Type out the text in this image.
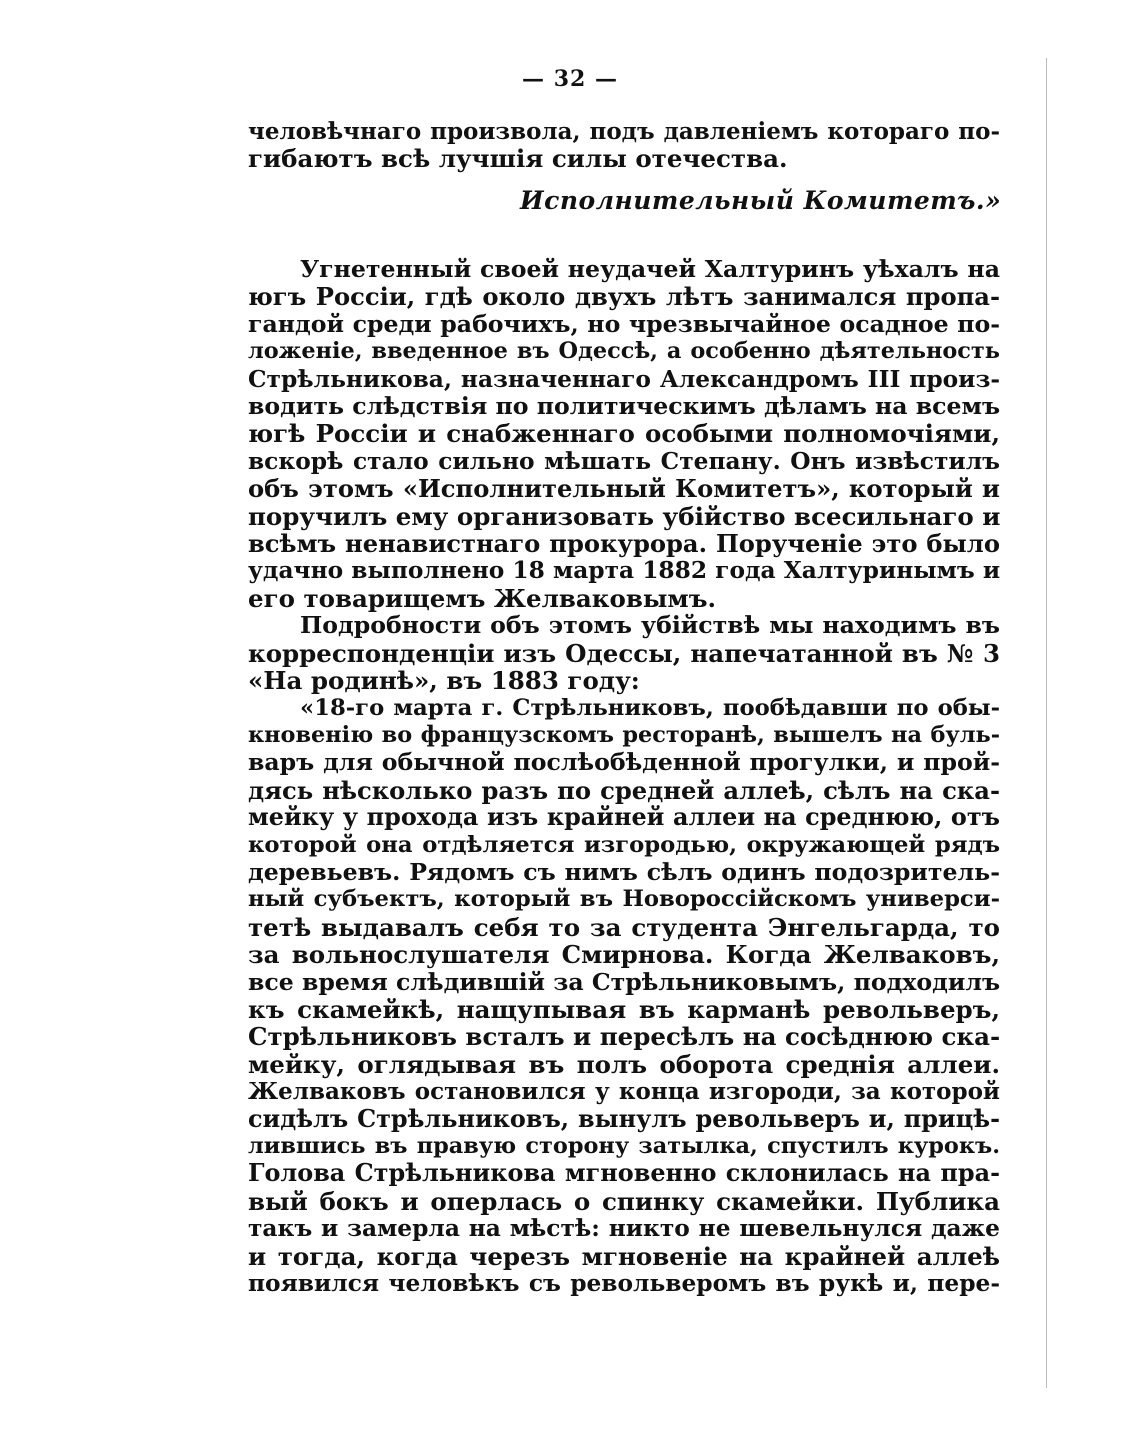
— 32 —
человѣчнаго произвола, подъ давленіемъ котораго по-
гибаютъ всѣ лучшія силы отечества.
Исполнительный Комитетъ.»
Угнетенный своей неудачей Халтуринъ уѣхалъ на
югъ Россіи, гдѣ около двухъ лѣтъ занимался пропа-
гандой среди рабочихъ, но чрезвычайное осадное по-
ложеніе, введенное въ Одессѣ, а особенно дѣятельность
Стрѣльникова, назначеннаго Александромъ III произ-
водить слѣдствія по политическимъ дѣламъ на всемъ
югѣ Россіи и снабженнаго особыми полномочіями,
вскорѣ стало сильно мѣшать Степану. Онъ извѣстилъ
объ этомъ «Исполнительный Комитетъ», который и
поручилъ ему организовать убійство всесильнаго и
всѣмъ ненавистнаго прокурора. Порученіе это было
удачно выполнено 18 марта 1882 года Халтуринымъ и
его товарищемъ Желваковымъ.
Подробности объ этомъ убійствѣ мы находимъ въ
корреспонденціи изъ Одессы, напечатанной въ № 3
«На родинѣ», въ 1883 году:
«18-го марта г. Стрѣльниковъ, пообѣдавши по обы-
кновенію во французскомъ ресторанѣ, вышелъ на буль-
варъ для обычной послѣобѣденной прогулки, и прой-
дясь нѣсколько разъ по средней аллеѣ, сѣлъ на ска-
мейку у прохода изъ крайней аллеи на среднюю, отъ
которой она отдѣляется изгородью, окружающей рядъ
деревьевъ. Рядомъ съ нимъ сѣлъ одинъ подозритель-
ный субъектъ, который въ Новороссійскомъ универси-
тетѣ выдавалъ себя то за студента Энгельгарда, то
за вольнослушателя Смирнова. Когда Желваковъ,
все время слѣдившій за Стрѣльниковымъ, подходилъ
къ скамейкѣ, нащупывая въ карманѣ револьверъ,
Стрѣльниковъ всталъ и пересѣлъ на сосѣднюю ска-
мейку, оглядывая въ полъ оборота среднія аллеи.
Желваковъ остановился у конца изгороди, за которой
сидѣлъ Стрѣльниковъ, вынулъ револьверъ и, прицѣ-
лившись въ правую сторону затылка, спустилъ курокъ.
Голова Стрѣльникова мгновенно склонилась на пра-
вый бокъ и оперлась о спинку скамейки. Публика
такъ и замерла на мѣстѣ: никто не шевельнулся даже
и тогда, когда черезъ мгновеніе на крайней аллеѣ
появился человѣкъ съ револьверомъ въ рукѣ и, пере-
